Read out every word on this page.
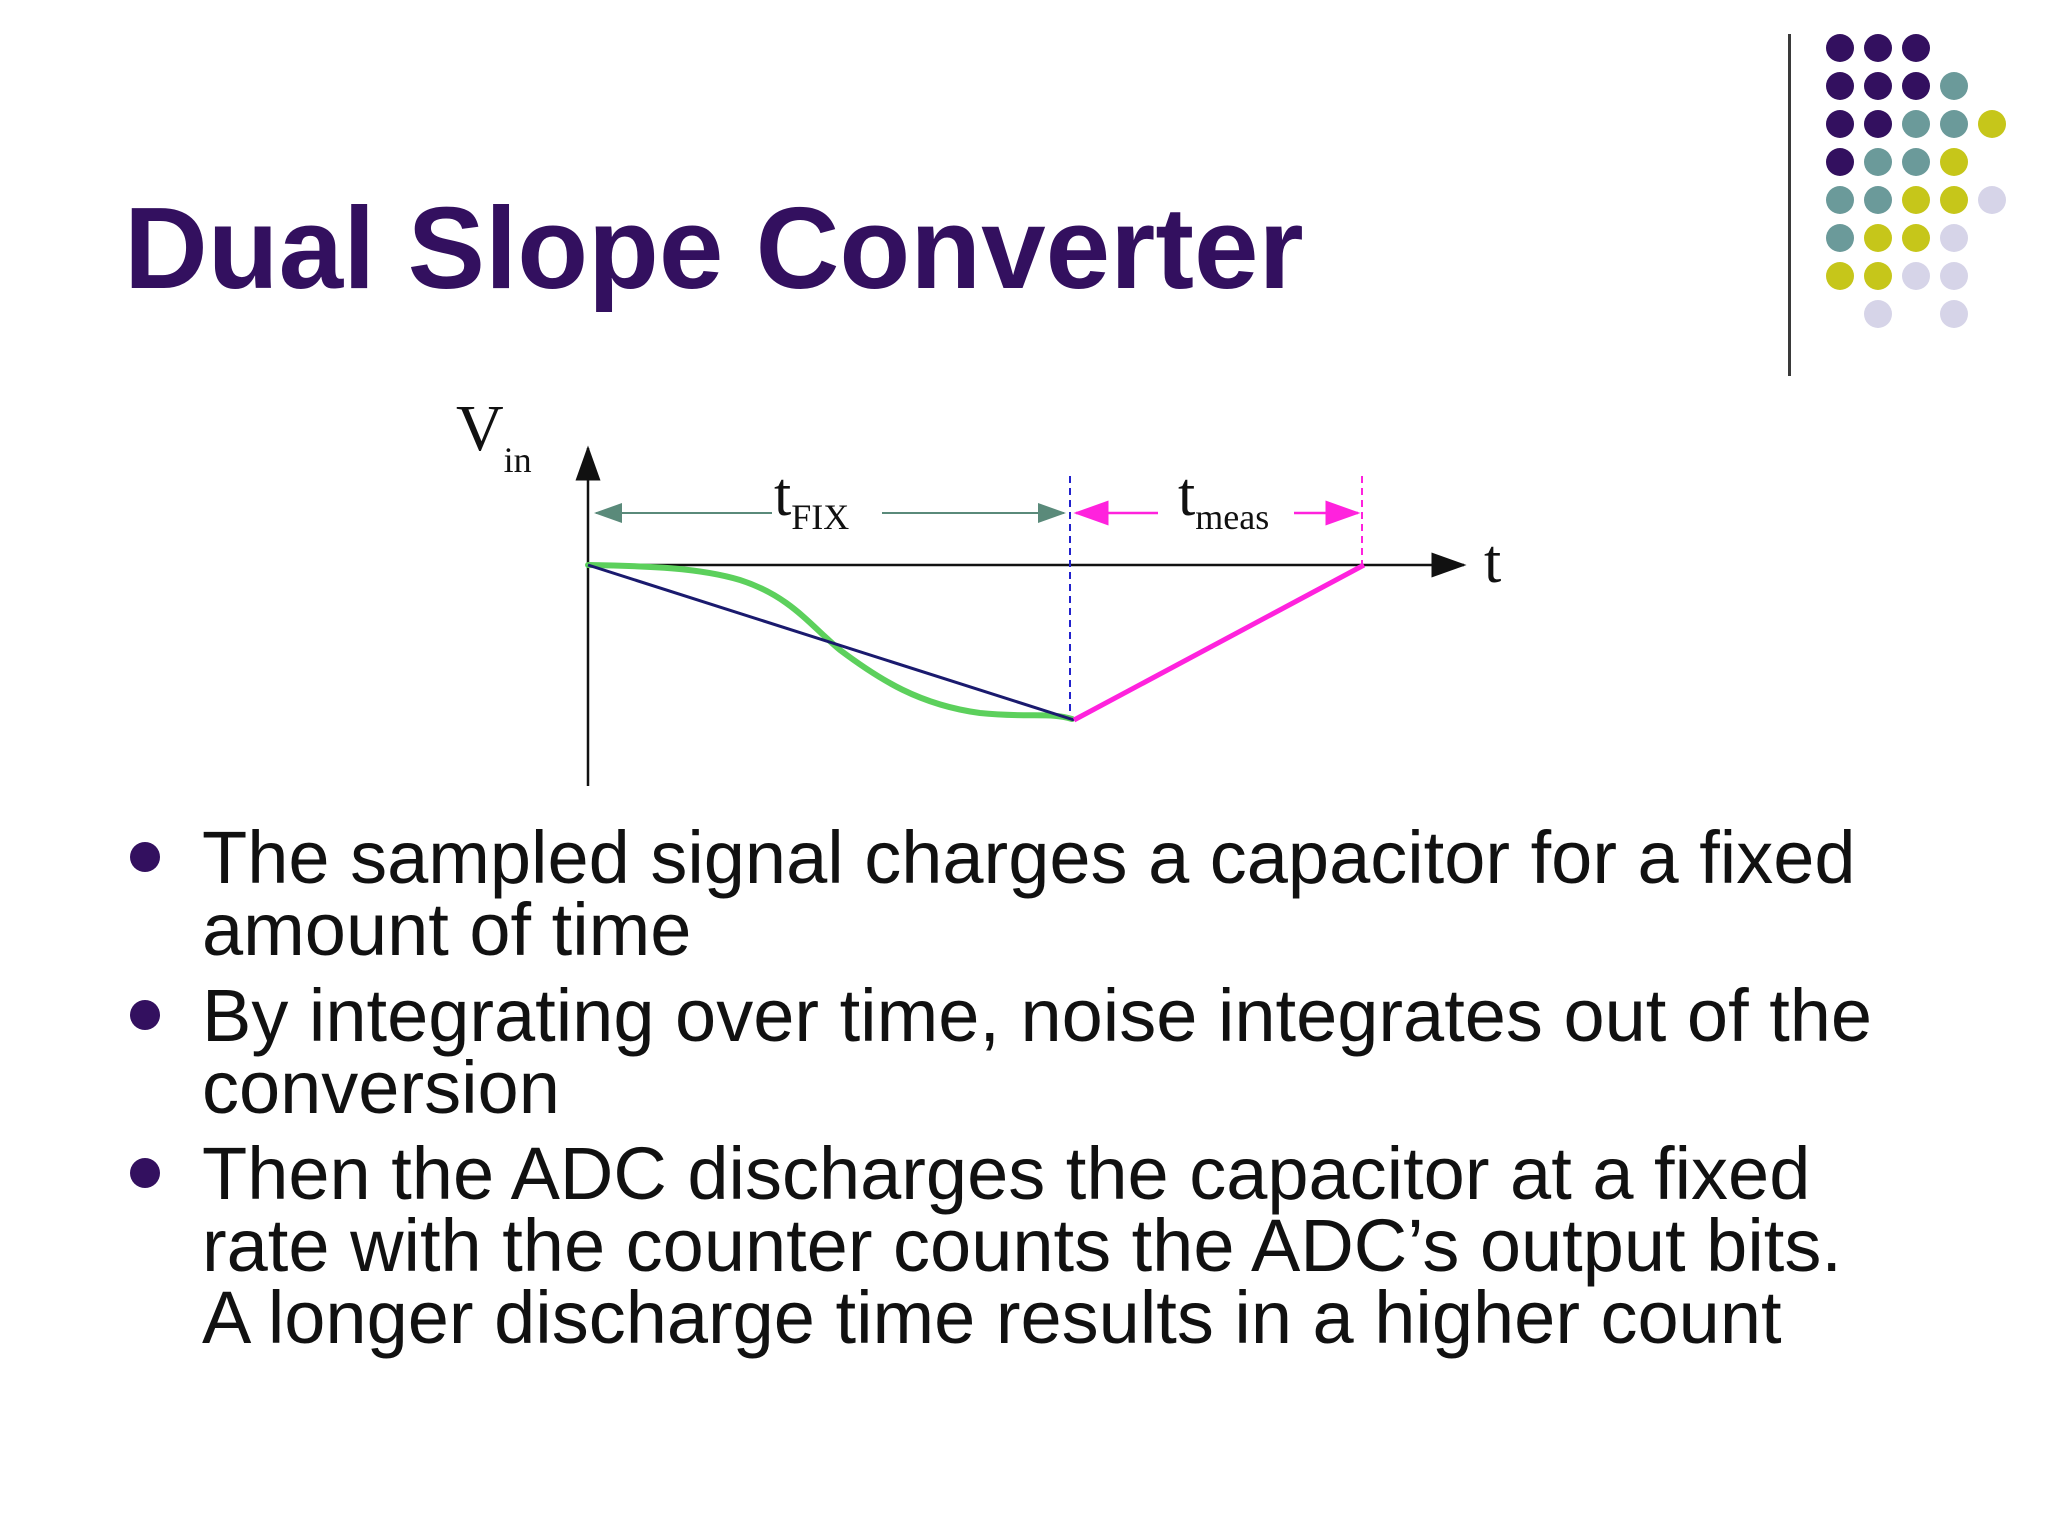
Dual Slope Converter
$V_{in}$
t
$t_{FIX}$	$t_{meas}$
The sampled signal charges a capacitor for a fixed
amount of time
By integrating over time, noise integrates out of the
conversion
Then the ADC discharges the capacitor at a fixed
rate with the counter counts the ADC’s output bits.
A longer discharge time results in a higher count
